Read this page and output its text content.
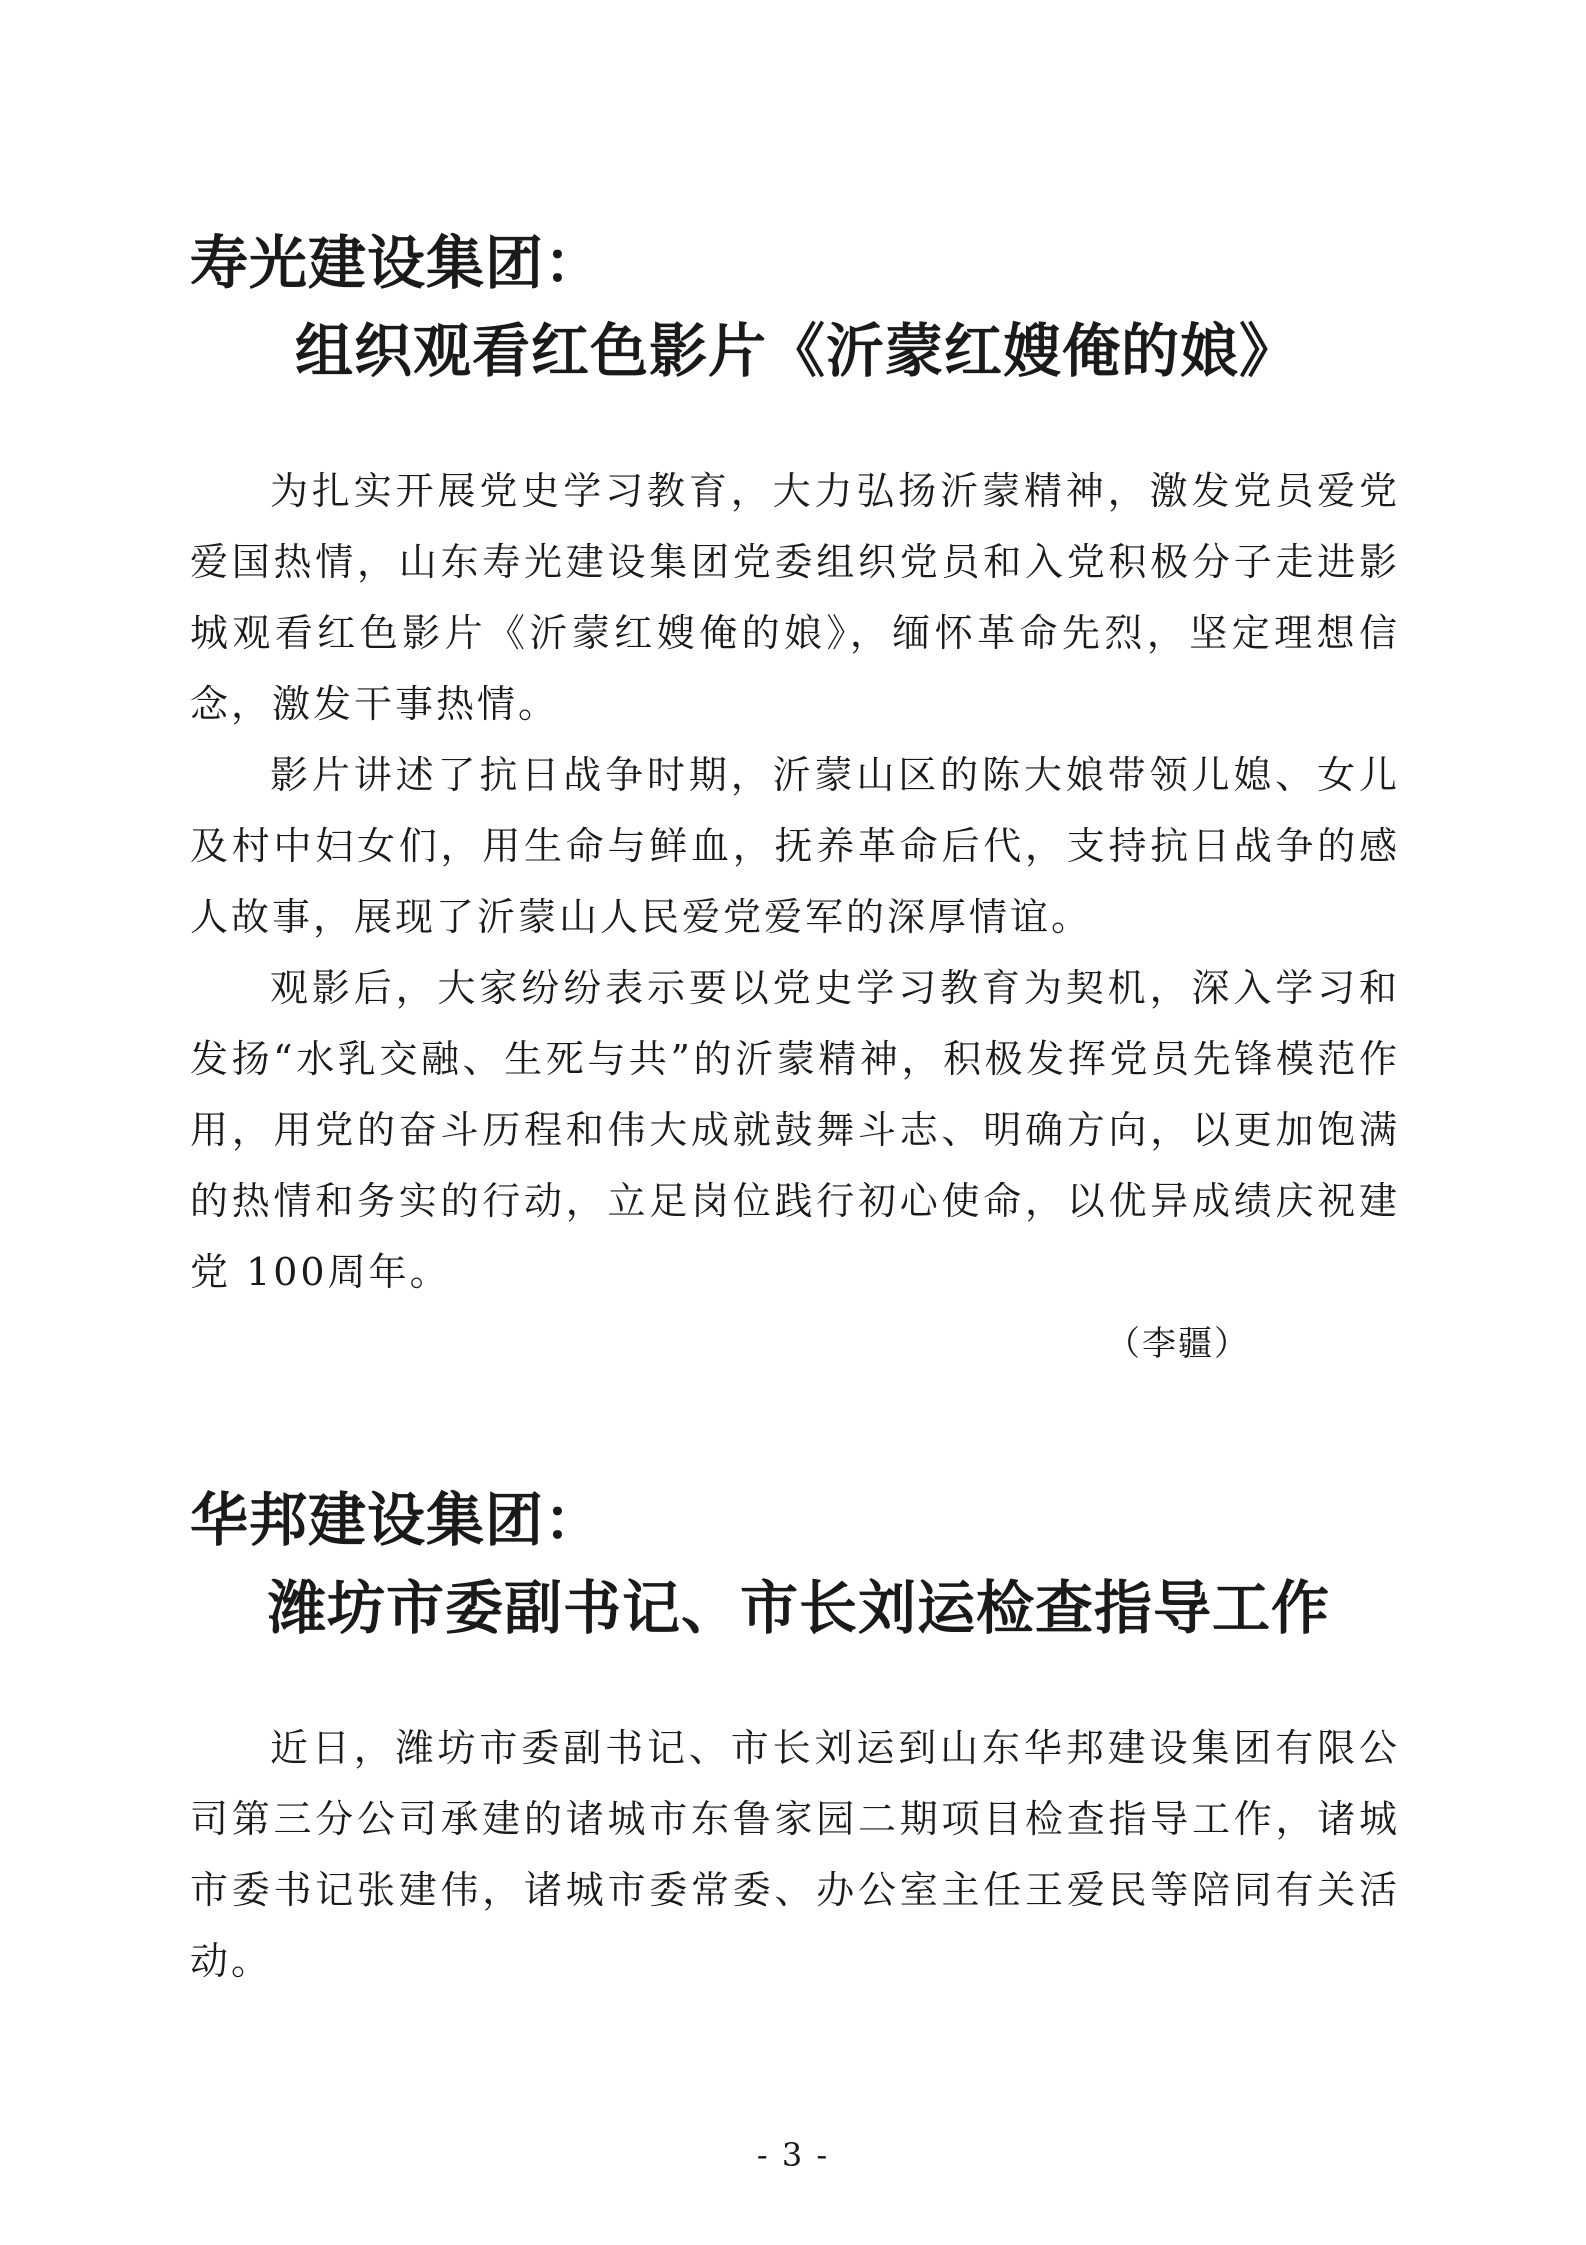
寿光建设集团：
组织观看红色影片《沂蒙红嫂俺的娘》

为扎实开展党史学习教育，大力弘扬沂蒙精神，激发党员爱党爱国热情，山东寿光建设集团党委组织党员和入党积极分子走进影城观看红色影片《沂蒙红嫂俺的娘》，缅怀革命先烈，坚定理想信念，激发干事热情。

影片讲述了抗日战争时期，沂蒙山区的陈大娘带领儿媳、女儿及村中妇女们，用生命与鲜血，抚养革命后代，支持抗日战争的感人故事，展现了沂蒙山人民爱党爱军的深厚情谊。

观影后，大家纷纷表示要以党史学习教育为契机，深入学习和发扬“水乳交融、生死与共”的沂蒙精神，积极发挥党员先锋模范作用，用党的奋斗历程和伟大成就鼓舞斗志、明确方向，以更加饱满的热情和务实的行动，立足岗位践行初心使命，以优异成绩庆祝建党 100周年。

（李疆）
华邦建设集团：
潍坊市委副书记、市长刘运检查指导工作

近日，潍坊市委副书记、市长刘运到山东华邦建设集团有限公司第三分公司承建的诸城市东鲁家园二期项目检查指导工作，诸城市委书记张建伟，诸城市委常委、办公室主任王爱民等陪同有关活动。

- 3 -
